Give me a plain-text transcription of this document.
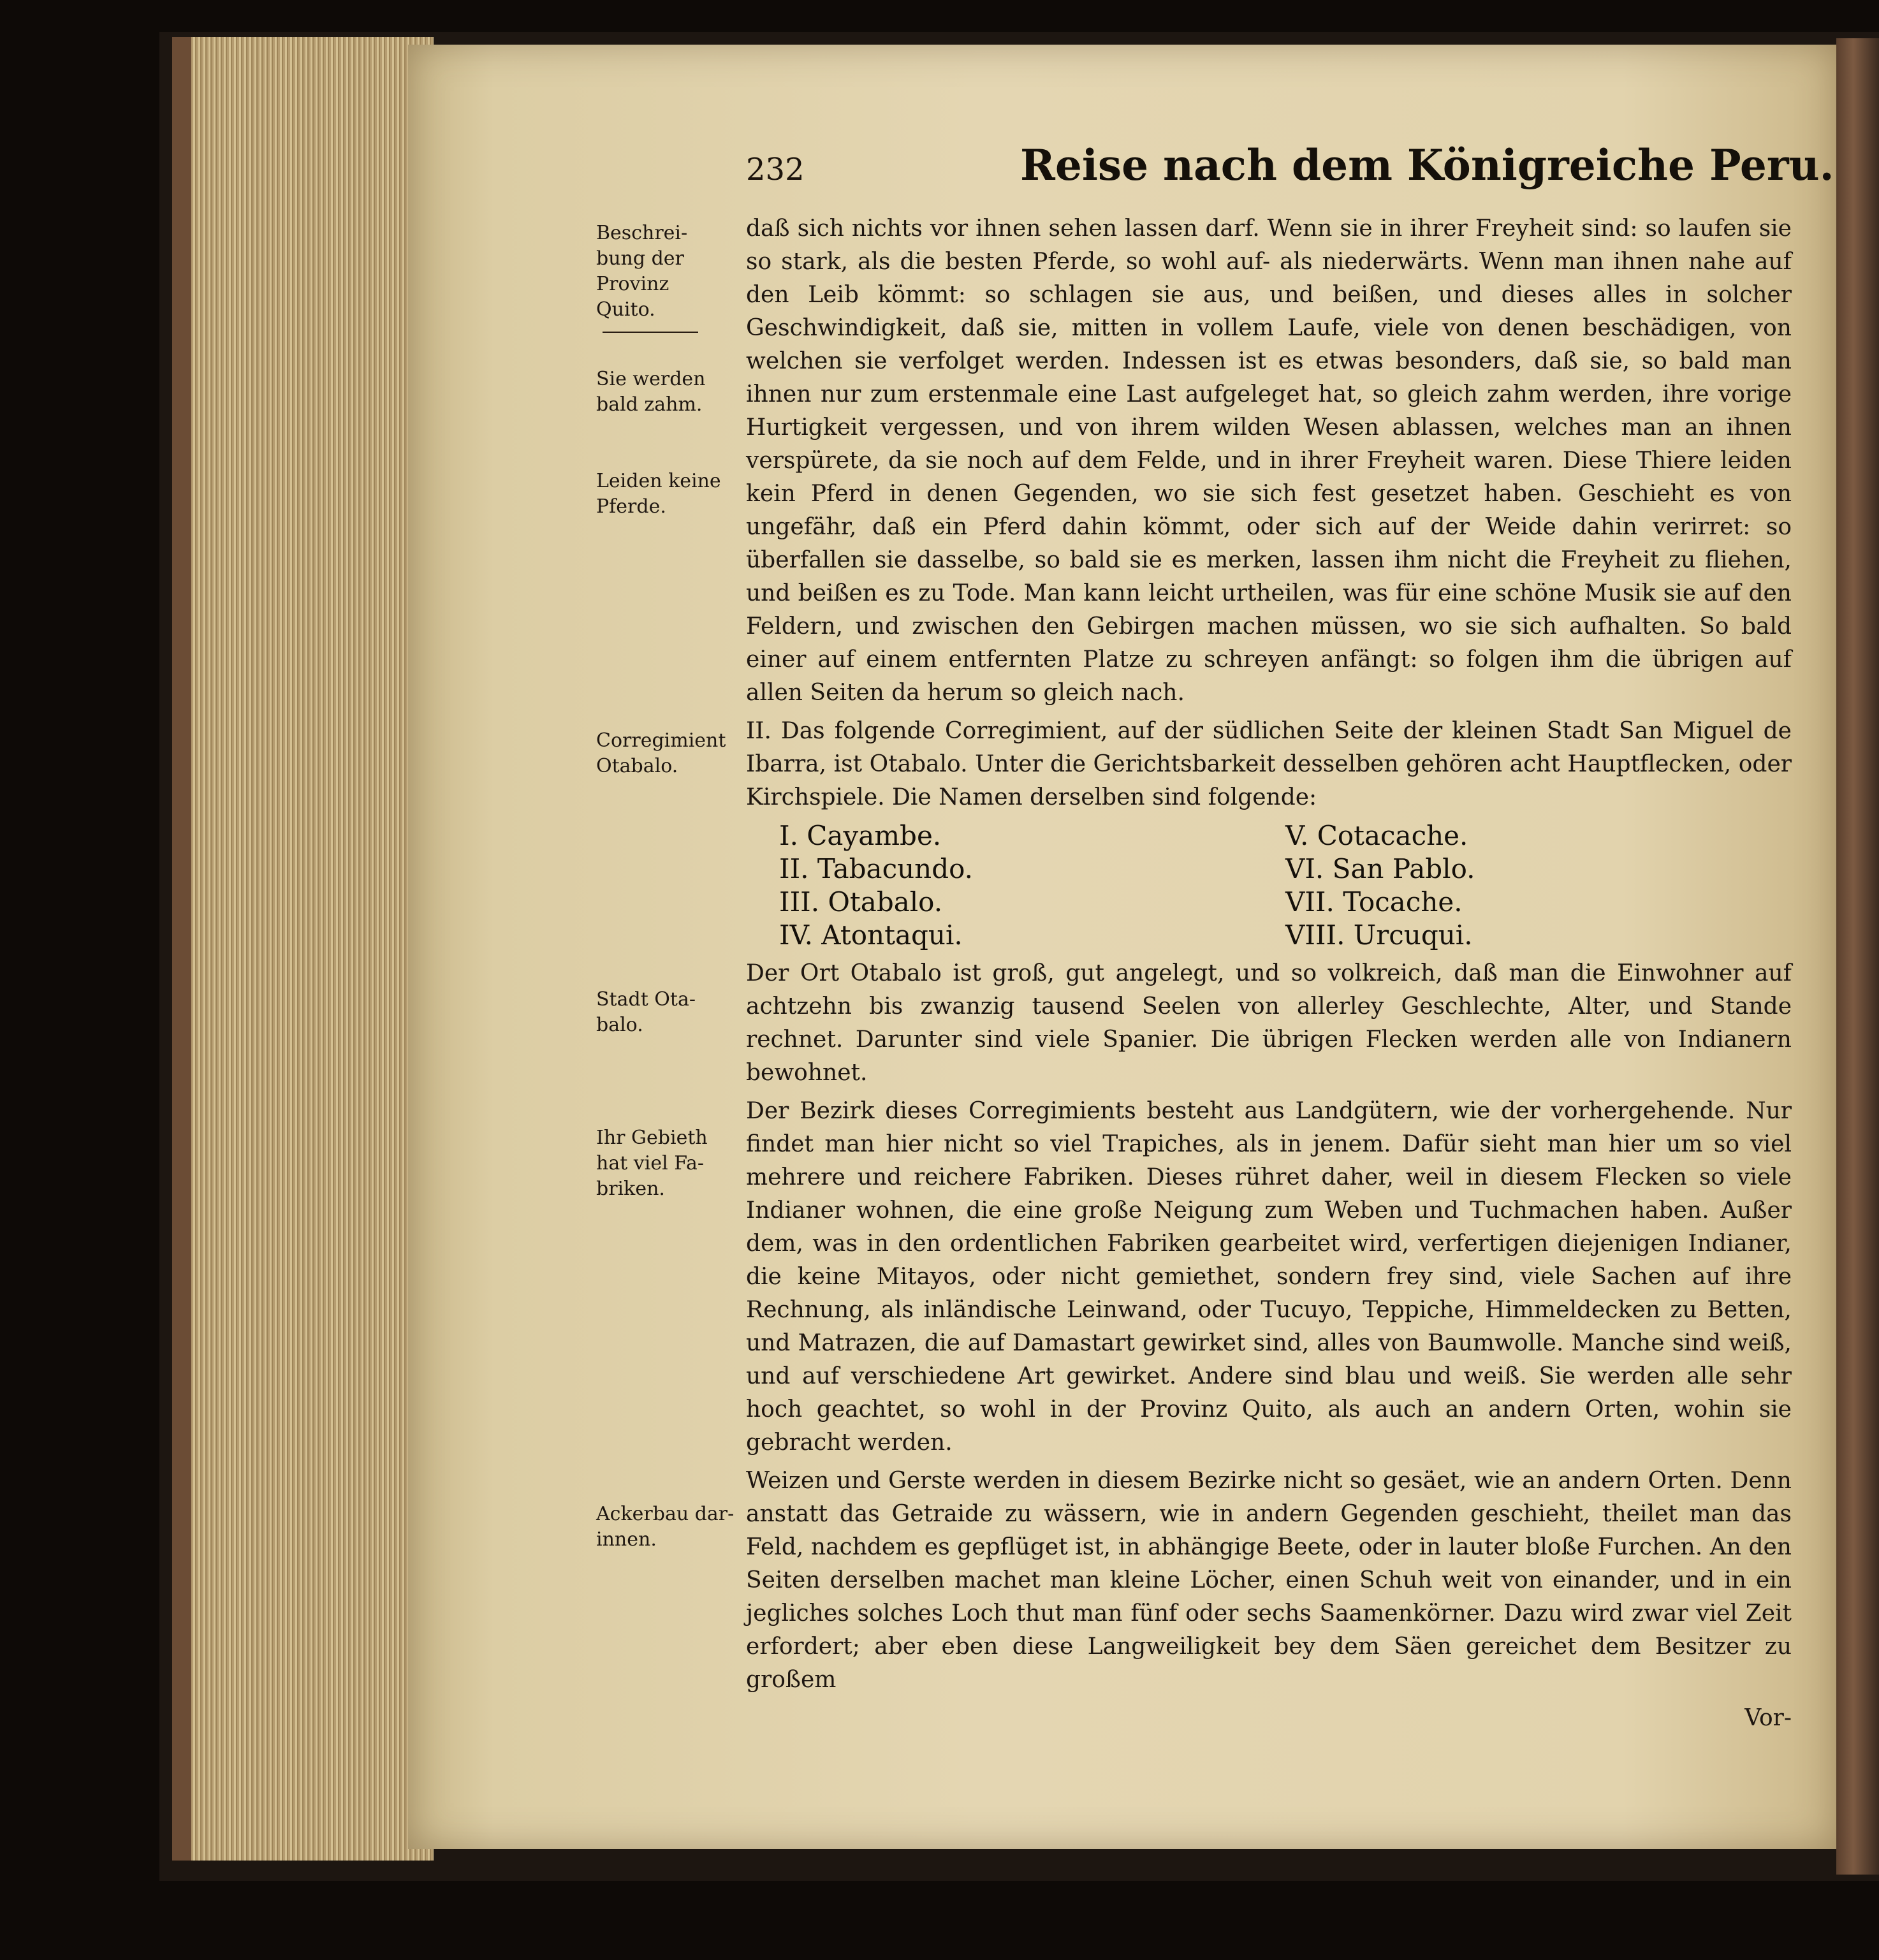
232	Reise nach dem Königreiche Peru.
Beschrei-
bung der
Provinz
Quito.
Sie werden
bald zahm.
Leiden keine
Pferde.
Corregimient
Otabalo.
Stadt Ota-
balo.
Ihr Gebieth
hat viel Fa-
briken.
Ackerbau dar-
innen.

daß sich nichts vor ihnen sehen lassen darf. Wenn sie in ihrer Freyheit sind: so laufen sie so stark, als die besten Pferde, so wohl auf- als niederwärts. Wenn man ihnen nahe auf den Leib kömmt: so schlagen sie aus, und beißen, und dieses alles in solcher Geschwindigkeit, daß sie, mitten in vollem Laufe, viele von denen beschädigen, von welchen sie verfolget werden. Indessen ist es etwas besonders, daß sie, so bald man ihnen nur zum erstenmale eine Last aufgeleget hat, so gleich zahm werden, ihre vorige Hurtigkeit vergessen, und von ihrem wilden Wesen ablassen, welches man an ihnen verspürete, da sie noch auf dem Felde, und in ihrer Freyheit waren. Diese Thiere leiden kein Pferd in denen Gegenden, wo sie sich fest gesetzet haben. Geschieht es von ungefähr, daß ein Pferd dahin kömmt, oder sich auf der Weide dahin verirret: so überfallen sie dasselbe, so bald sie es merken, lassen ihm nicht die Freyheit zu fliehen, und beißen es zu Tode. Man kann leicht urtheilen, was für eine schöne Musik sie auf den Feldern, und zwischen den Gebirgen machen müssen, wo sie sich aufhalten. So bald einer auf einem entfernten Platze zu schreyen anfängt: so folgen ihm die übrigen auf allen Seiten da herum so gleich nach.

II. Das folgende Corregimient, auf der südlichen Seite der kleinen Stadt San Miguel de Ibarra, ist Otabalo. Unter die Gerichtsbarkeit desselben gehören acht Hauptflecken, oder Kirchspiele. Die Namen derselben sind folgende:

I. Cayambe.
II. Tabacundo.
III. Otabalo.
IV. Atontaqui.
V. Cotacache.
VI. San Pablo.
VII. Tocache.
VIII. Urcuqui.

Der Ort Otabalo ist groß, gut angelegt, und so volkreich, daß man die Einwohner auf achtzehn bis zwanzig tausend Seelen von allerley Geschlechte, Alter, und Stande rechnet. Darunter sind viele Spanier. Die übrigen Flecken werden alle von Indianern bewohnet.

Der Bezirk dieses Corregimients besteht aus Landgütern, wie der vorhergehende. Nur findet man hier nicht so viel Trapiches, als in jenem. Dafür sieht man hier um so viel mehrere und reichere Fabriken. Dieses rühret daher, weil in diesem Flecken so viele Indianer wohnen, die eine große Neigung zum Weben und Tuchmachen haben. Außer dem, was in den ordentlichen Fabriken gearbeitet wird, verfertigen diejenigen Indianer, die keine Mitayos, oder nicht gemiethet, sondern frey sind, viele Sachen auf ihre Rechnung, als inländische Leinwand, oder Tucuyo, Teppiche, Himmeldecken zu Betten, und Matrazen, die auf Damastart gewirket sind, alles von Baumwolle. Manche sind weiß, und auf verschiedene Art gewirket. Andere sind blau und weiß. Sie werden alle sehr hoch geachtet, so wohl in der Provinz Quito, als auch an andern Orten, wohin sie gebracht werden.

Weizen und Gerste werden in diesem Bezirke nicht so gesäet, wie an andern Orten. Denn anstatt das Getraide zu wässern, wie in andern Gegenden geschieht, theilet man das Feld, nachdem es gepflüget ist, in abhängige Beete, oder in lauter bloße Furchen. An den Seiten derselben machet man kleine Löcher, einen Schuh weit von einander, und in ein jegliches solches Loch thut man fünf oder sechs Saamenkörner. Dazu wird zwar viel Zeit erfordert; aber eben diese Langweiligkeit bey dem Säen gereichet dem Besitzer zu großem

Vor-
